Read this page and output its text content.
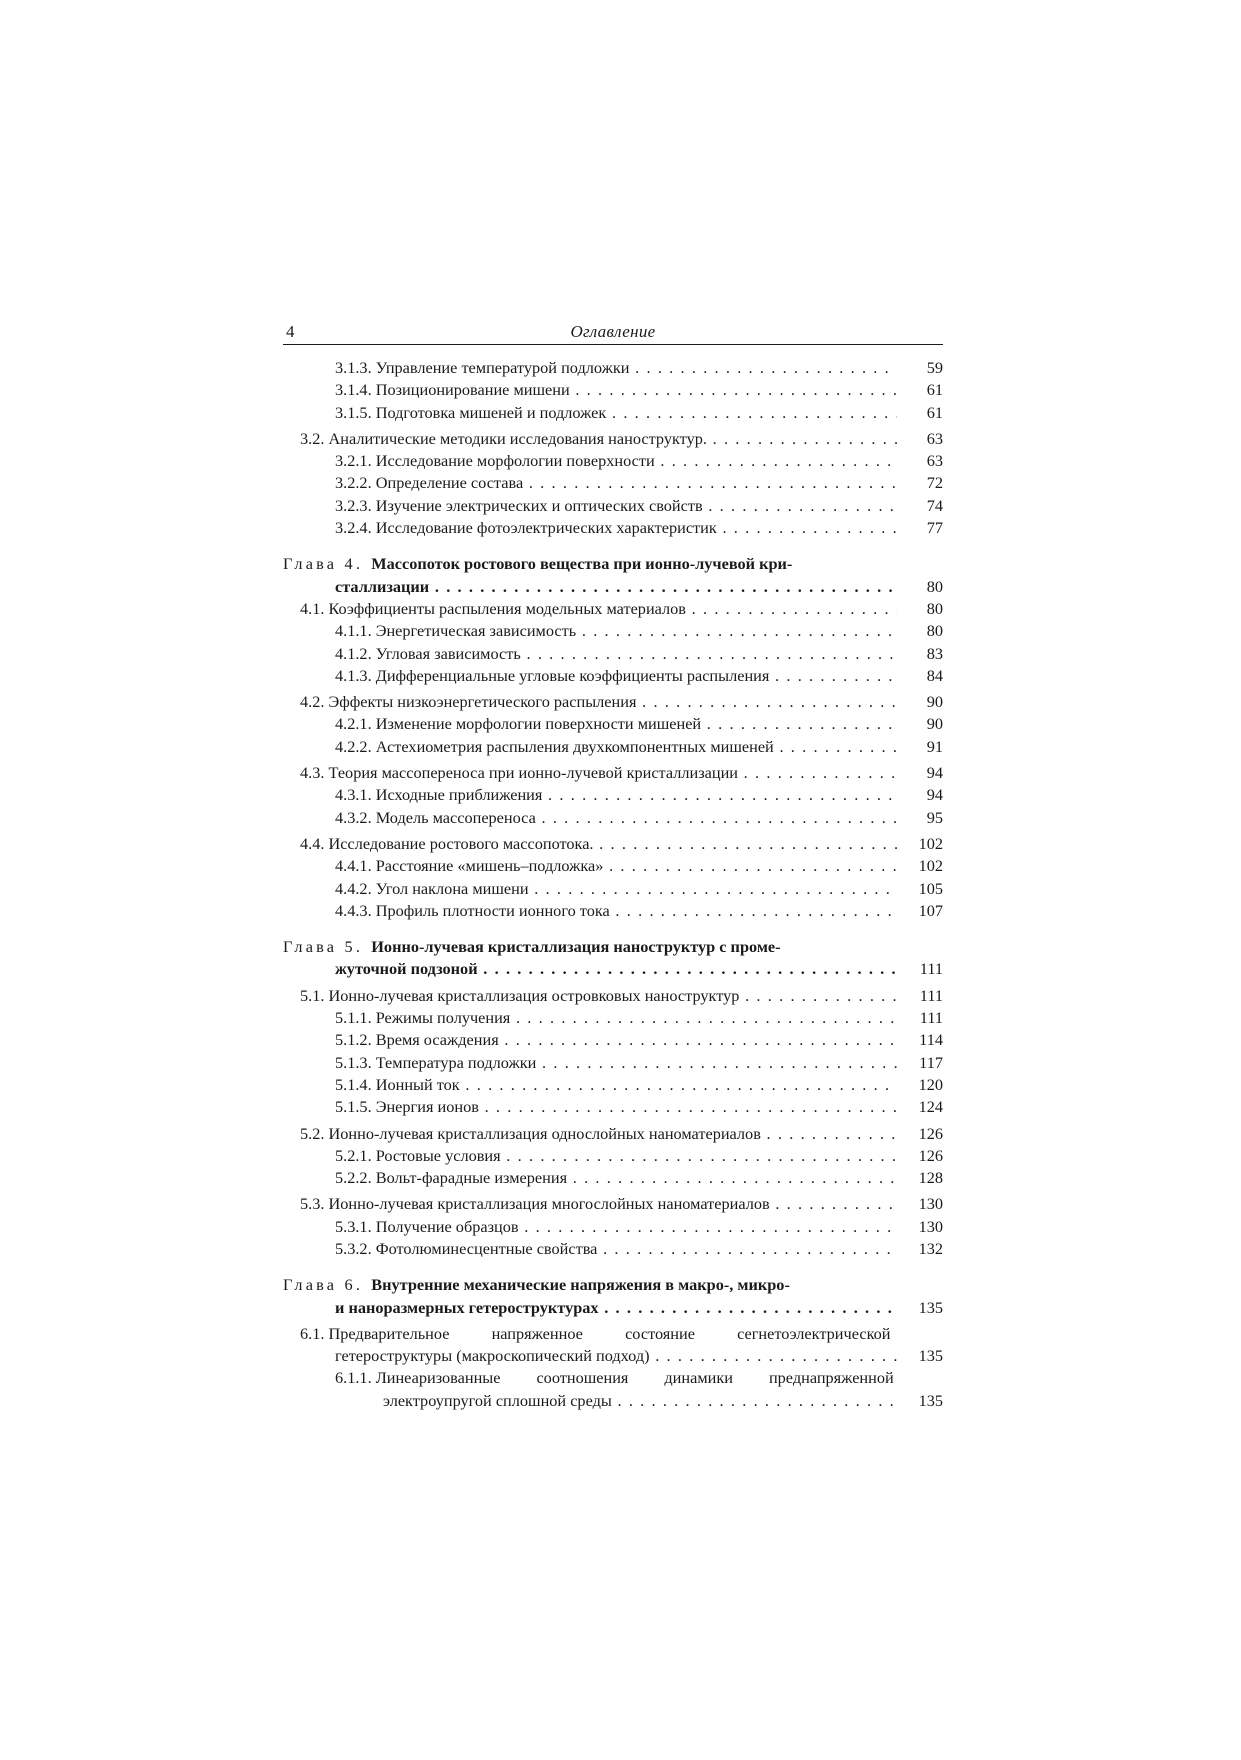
4	Оглавление
3.1.3. Управление температурой подложки . . .	59
3.1.4. Позиционирование мишени . . .	61
3.1.5. Подготовка мишеней и подложек . . .	61
3.2. Аналитические методики исследования наноструктур. . . .	63
3.2.1. Исследование морфологии поверхности . . .	63
3.2.2. Определение состава . . .	72
3.2.3. Изучение электрических и оптических свойств . . .	74
3.2.4. Исследование фотоэлектрических характеристик . . .	77
Глава 4. Массопоток ростового вещества при ионно-лучевой кри-
сталлизации . . .	80
4.1. Коэффициенты распыления модельных материалов . . .	80
4.1.1. Энергетическая зависимость . . .	80
4.1.2. Угловая зависимость . . .	83
4.1.3. Дифференциальные угловые коэффициенты распыления . . .	84
4.2. Эффекты низкоэнергетического распыления . . .	90
4.2.1. Изменение морфологии поверхности мишеней . . .	90
4.2.2. Астехиометрия распыления двухкомпонентных мишеней . . .	91
4.3. Теория массопереноса при ионно-лучевой кристаллизации . . .	94
4.3.1. Исходные приближения . . .	94
4.3.2. Модель массопереноса . . .	95
4.4. Исследование ростового массопотока. . . .	102
4.4.1. Расстояние «мишень–подложка» . . .	102
4.4.2. Угол наклона мишени . . .	105
4.4.3. Профиль плотности ионного тока . . .	107
Глава 5. Ионно-лучевая кристаллизация наноструктур с проме-
жуточной подзоной . . .	111
5.1. Ионно-лучевая кристаллизация островковых наноструктур . . .	111
5.1.1. Режимы получения . . .	111
5.1.2. Время осаждения . . .	114
5.1.3. Температура подложки . . .	117
5.1.4. Ионный ток . . .	120
5.1.5. Энергия ионов . . .	124
5.2. Ионно-лучевая кристаллизация однослойных наноматериалов . . .	126
5.2.1. Ростовые условия . . .	126
5.2.2. Вольт-фарадные измерения . . .	128
5.3. Ионно-лучевая кристаллизация многослойных наноматериалов . . .	130
5.3.1. Получение образцов . . .	130
5.3.2. Фотолюминесцентные свойства . . .	132
Глава 6. Внутренние механические напряжения в макро-, микро-
и наноразмерных гетероструктурах . . .	135
6.1. Предварительное напряженное состояние сегнетоэлектрической
гетероструктуры (макроскопический подход) . . .	135
6.1.1. Линеаризованные соотношения динамики преднапряженной
электроупругой сплошной среды . . .	135
